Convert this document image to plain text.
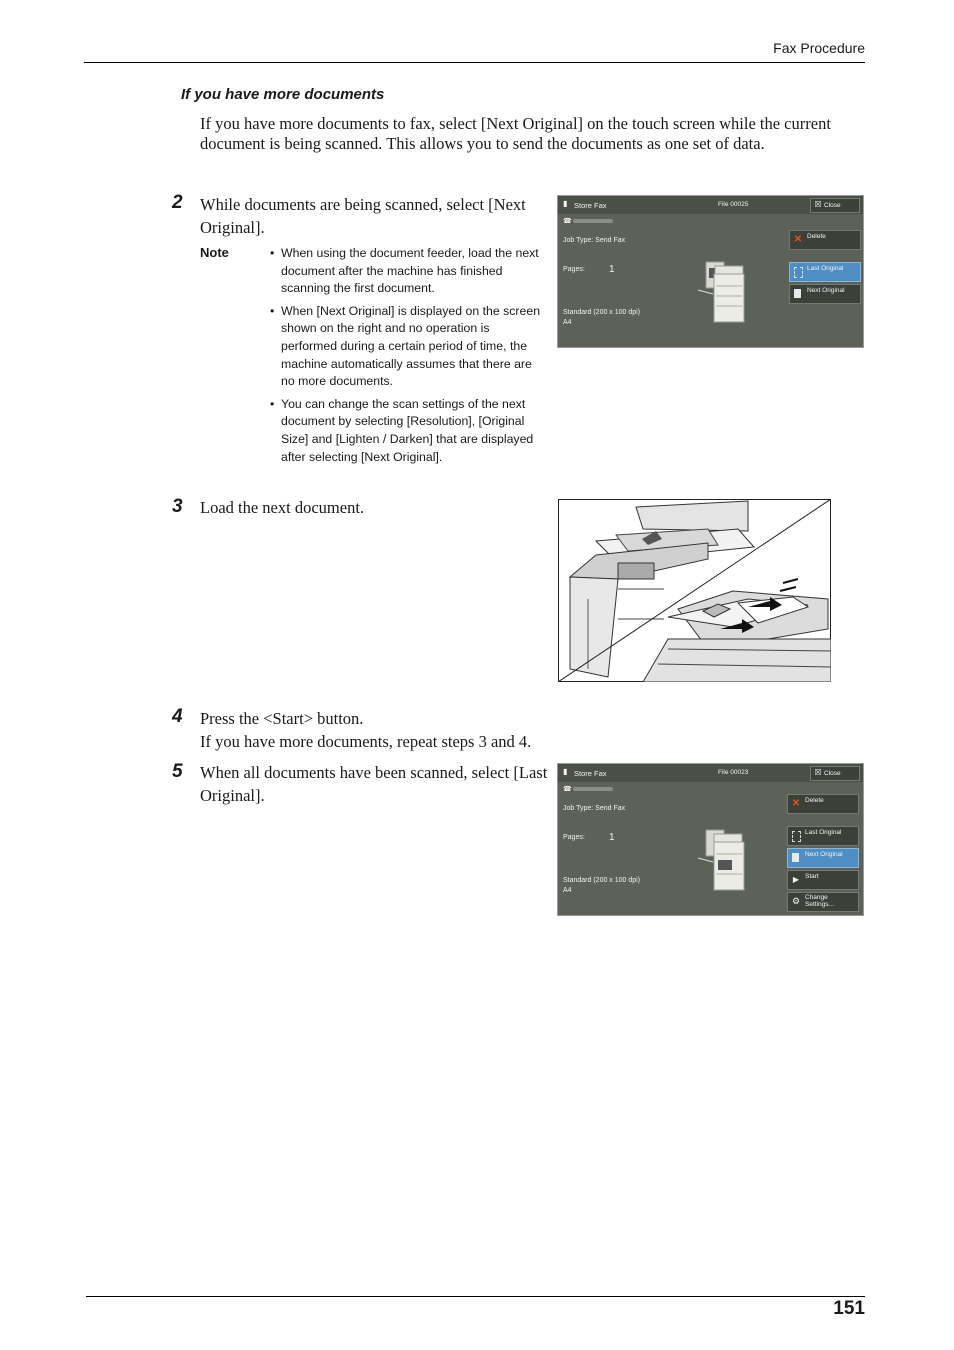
Fax Procedure
If you have more documents
If you have more documents to fax, select [Next Original] on the touch screen while the current document is being scanned. This allows you to send the documents as one set of data.
2 While documents are being scanned, select [Next Original].
Note	• When using the document feeder, load the next document after the machine has finished scanning the first document.
• When [Next Original] is displayed on the screen shown on the right and no operation is performed during a certain period of time, the machine automatically assumes that there are no more documents.
• You can change the scan settings of the next document by selecting [Resolution], [Original Size] and [Lighten / Darken] that are displayed after selecting [Next Original].
▮ Store Fax	File 00025	☒ Close
☎
Job Type: Send Fax
Pages: 1
Standard (200 x 100 dpi)
A4
✕ Delete
Last Original
Next Original
3 Load the next document.
4 Press the <Start> button.
If you have more documents, repeat steps 3 and 4.
5 When all documents have been scanned, select [Last Original].
▮ Store Fax	File 00023	☒ Close
☎
Job Type: Send Fax
Pages: 1
Standard (200 x 100 dpi)
A4
✕ Delete
Last Original
Next Original
▶ Start
⚙ Change
Settings...
151
